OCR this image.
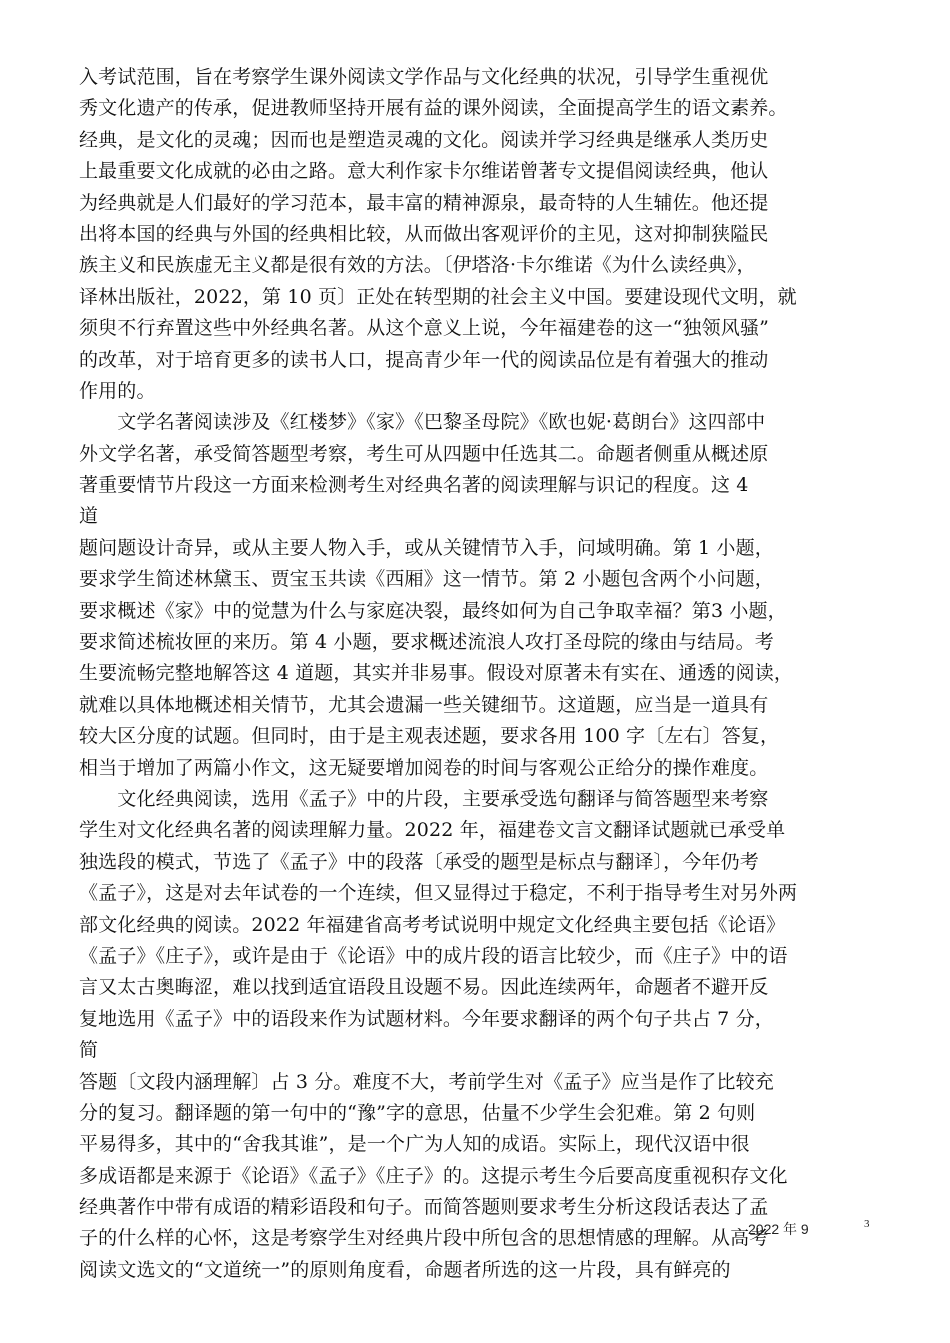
入考试范围，旨在考察学生课外阅读文学作品与文化经典的状况，引导学生重视优
秀文化遗产的传承，促进教师坚持开展有益的课外阅读，全面提高学生的语文素养。
经典，是文化的灵魂；因而也是塑造灵魂的文化。阅读并学习经典是继承人类历史
上最重要文化成就的必由之路。意大利作家卡尔维诺曾著专文提倡阅读经典，他认
为经典就是人们最好的学习范本，最丰富的精神源泉，最奇特的人生辅佐。他还提
出将本国的经典与外国的经典相比较，从而做出客观评价的主见，这对抑制狭隘民
族主义和民族虚无主义都是很有效的方法。〔伊塔洛·卡尔维诺《为什么读经典》，
译林出版社，2022，第 10 页〕正处在转型期的社会主义中国。要建设现代文明，就
须臾不行弃置这些中外经典名著。从这个意义上说，今年福建卷的这一“独领风骚”
的改革，对于培育更多的读书人口，提高青少年一代的阅读品位是有着强大的推动
作用的。
　　文学名著阅读涉及《红楼梦》《家》《巴黎圣母院》《欧也妮·葛朗台》这四部中
外文学名著，承受简答题型考察，考生可从四题中任选其二。命题者侧重从概述原
著重要情节片段这一方面来检测考生对经典名著的阅读理解与识记的程度。这 4
道
题问题设计奇异，或从主要人物入手，或从关键情节入手，问域明确。第 1 小题，
要求学生简述林黛玉、贾宝玉共读《西厢》这一情节。第 2 小题包含两个小问题，
要求概述《家》中的觉慧为什么与家庭决裂，最终如何为自己争取幸福？第3 小题，
要求简述梳妆匣的来历。第 4 小题，要求概述流浪人攻打圣母院的缘由与结局。考
生要流畅完整地解答这 4 道题，其实并非易事。假设对原著未有实在、通透的阅读，
就难以具体地概述相关情节，尤其会遗漏一些关键细节。这道题，应当是一道具有
较大区分度的试题。但同时，由于是主观表述题，要求各用 100 字〔左右〕答复，
相当于增加了两篇小作文，这无疑要增加阅卷的时间与客观公正给分的操作难度。
　　文化经典阅读，选用《孟子》中的片段，主要承受选句翻译与简答题型来考察
学生对文化经典名著的阅读理解力量。2022 年，福建卷文言文翻译试题就已承受单
独选段的模式，节选了《孟子》中的段落〔承受的题型是标点与翻译〕，今年仍考
《孟子》，这是对去年试卷的一个连续，但又显得过于稳定，不利于指导考生对另外两
部文化经典的阅读。2022 年福建省高考考试说明中规定文化经典主要包括《论语》
《孟子》《庄子》，或许是由于《论语》中的成片段的语言比较少，而《庄子》中的语
言又太古奥晦涩，难以找到适宜语段且设题不易。因此连续两年，命题者不避开反
复地选用《孟子》中的语段来作为试题材料。今年要求翻译的两个句子共占 7 分，
简
答题〔文段内涵理解〕占 3 分。难度不大，考前学生对《孟子》应当是作了比较充
分的复习。翻译题的第一句中的“豫”字的意思，估量不少学生会犯难。第 2 句则
平易得多，其中的“舍我其谁”，是一个广为人知的成语。实际上，现代汉语中很
多成语都是来源于《论语》《孟子》《庄子》的。这提示考生今后要高度重视积存文化
经典著作中带有成语的精彩语段和句子。而简答题则要求考生分析这段话表达了孟
子的什么样的心怀，这是考察学生对经典片段中所包含的思想情感的理解。从高考
阅读文选文的“文道统一”的原则角度看，命题者所选的这一片段，具有鲜亮的
2022 年 9	3
